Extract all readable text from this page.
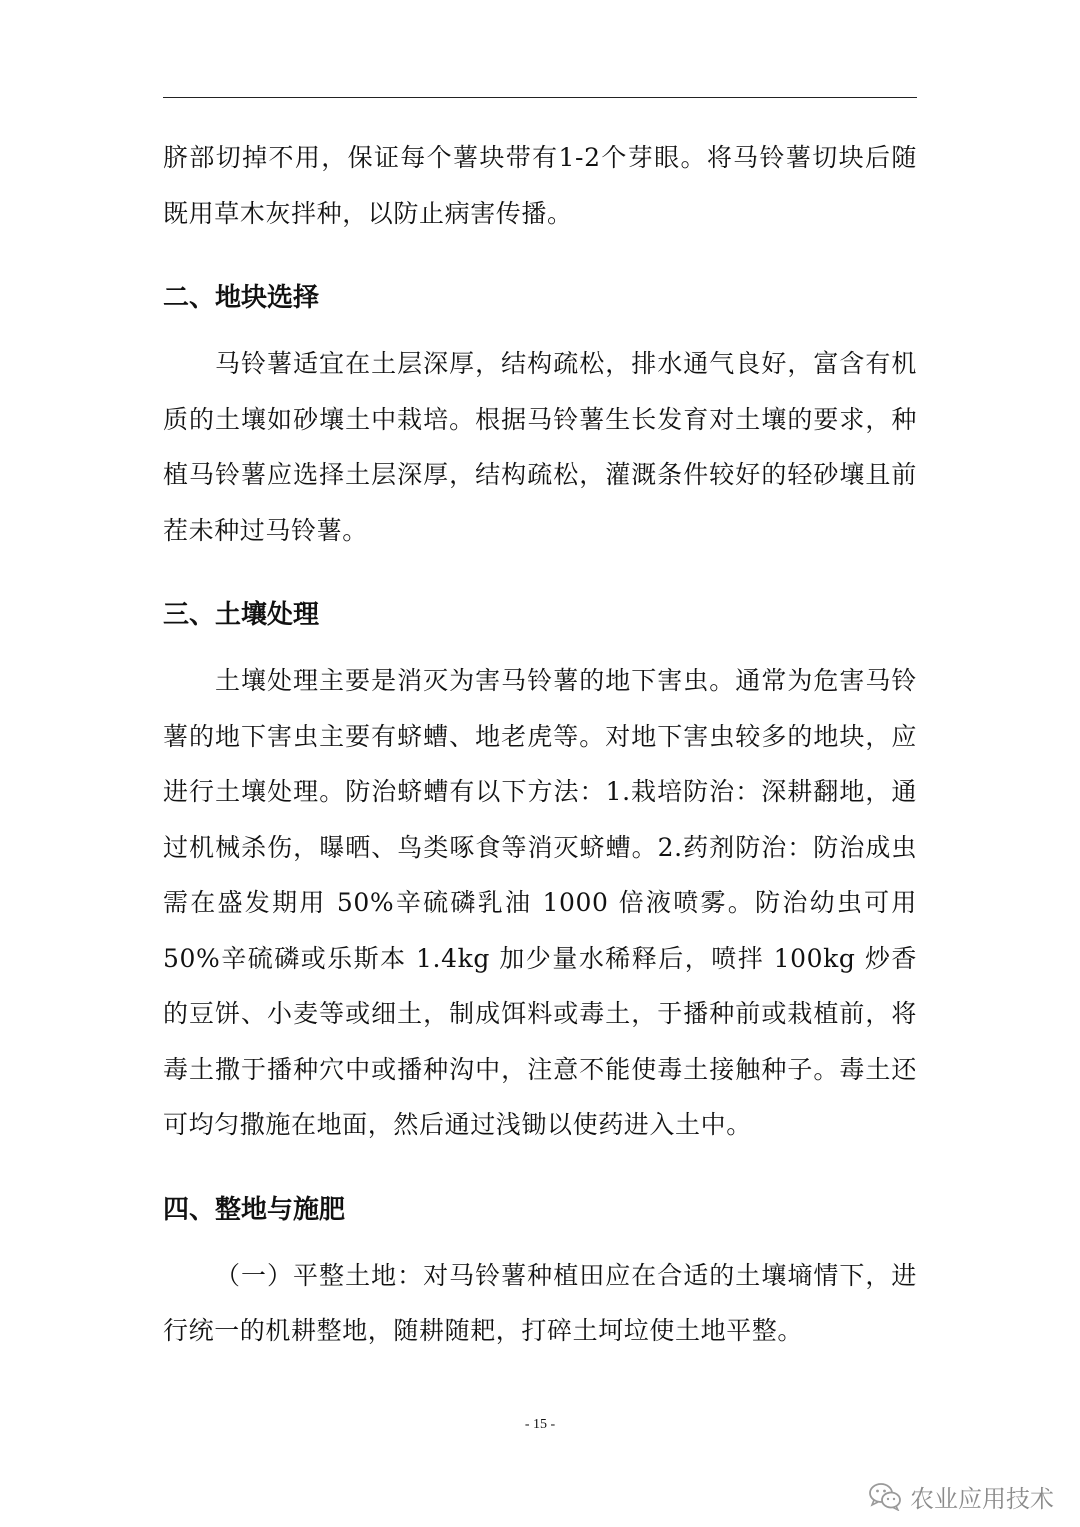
脐部切掉不用，保证每个薯块带有1-2个芽眼。将马铃薯切块后随既用草木灰拌种，以防止病害传播。

二、地块选择

马铃薯适宜在土层深厚，结构疏松，排水通气良好，富含有机质的土壤如砂壤土中栽培。根据马铃薯生长发育对土壤的要求，种植马铃薯应选择土层深厚，结构疏松，灌溉条件较好的轻砂壤且前茬未种过马铃薯。

三、土壤处理

土壤处理主要是消灭为害马铃薯的地下害虫。通常为危害马铃薯的地下害虫主要有蛴螬、地老虎等。对地下害虫较多的地块，应进行土壤处理。防治蛴螬有以下方法：1.栽培防治：深耕翻地，通过机械杀伤，曝晒、鸟类啄食等消灭蛴螬。2.药剂防治：防治成虫需在盛发期用 50%辛硫磷乳油 1000 倍液喷雾。防治幼虫可用 50%辛硫磷或乐斯本 1.4kg 加少量水稀释后，喷拌 100kg 炒香的豆饼、小麦等或细土，制成饵料或毒土，于播种前或栽植前，将毒土撒于播种穴中或播种沟中，注意不能使毒土接触种子。毒土还可均匀撒施在地面，然后通过浅锄以使药进入土中。

四、整地与施肥

（一）平整土地：对马铃薯种植田应在合适的土壤墒情下，进行统一的机耕整地，随耕随耙，打碎土坷垃使土地平整。

- 15 -
农业应用技术
